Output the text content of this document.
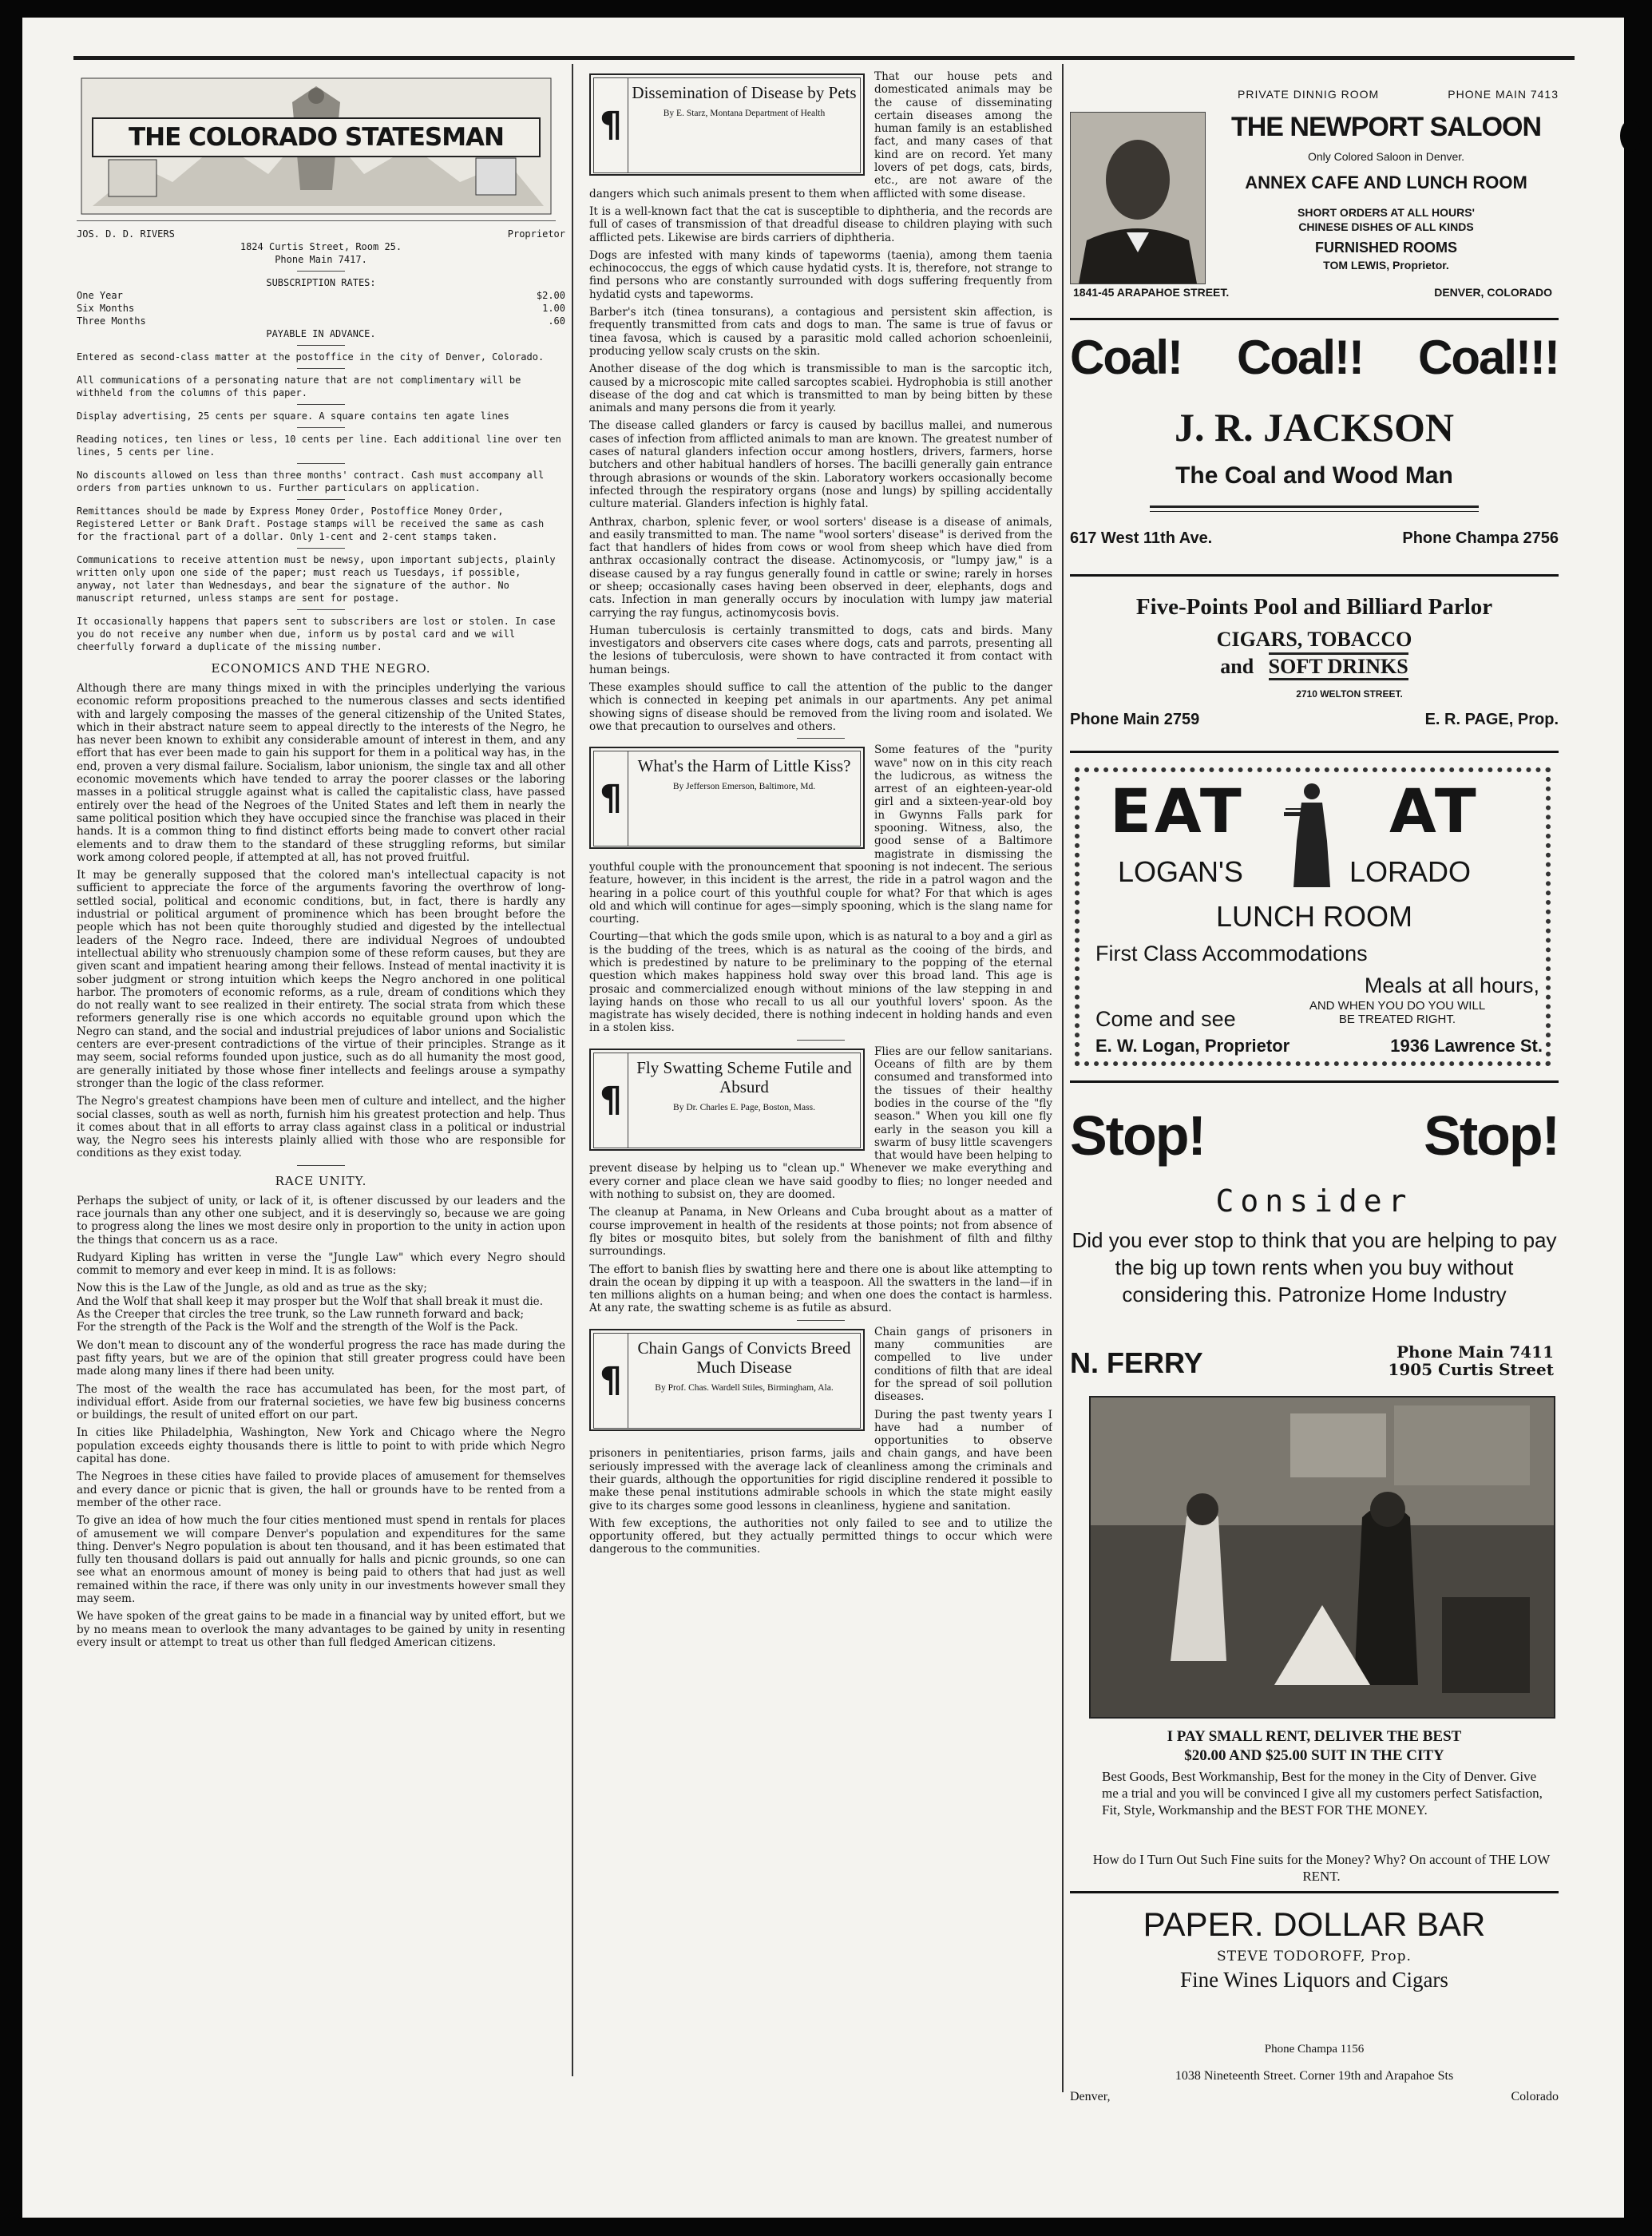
THE COLORADO STATESMAN
JOS. D. D. RIVERS	Proprietor
1824 Curtis Street, Room 25.
Phone Main 7417.
SUBSCRIPTION RATES:
One Year	$2.00
Six Months	1.00
Three Months	.60
PAYABLE IN ADVANCE.

Entered as second-class matter at the postoffice in the city of Denver, Colorado.

All communications of a personating nature that are not complimentary will be withheld from the columns of this paper.

Display advertising, 25 cents per square. A square contains ten agate lines

Reading notices, ten lines or less, 10 cents per line. Each additional line over ten lines, 5 cents per line.

No discounts allowed on less than three months' contract. Cash must accompany all orders from parties unknown to us. Further particulars on application.

Remittances should be made by Express Money Order, Postoffice Money Order, Registered Letter or Bank Draft. Postage stamps will be received the same as cash for the fractional part of a dollar. Only 1-cent and 2-cent stamps taken.

Communications to receive attention must be newsy, upon important subjects, plainly written only upon one side of the paper; must reach us Tuesdays, if possible, anyway, not later than Wednesdays, and bear the signature of the author. No manuscript returned, unless stamps are sent for postage.

It occasionally happens that papers sent to subscribers are lost or stolen. In case you do not receive any number when due, inform us by postal card and we will cheerfully forward a duplicate of the missing number.

ECONOMICS AND THE NEGRO.

Although there are many things mixed in with the principles underlying the various economic reform propositions preached to the numerous classes and sects identified with and largely composing the masses of the general citizenship of the United States, which in their abstract nature seem to appeal directly to the interests of the Negro, he has never been known to exhibit any considerable amount of interest in them, and any effort that has ever been made to gain his support for them in a political way has, in the end, proven a very dismal failure. Socialism, labor unionism, the single tax and all other economic movements which have tended to array the poorer classes or the laboring masses in a political struggle against what is called the capitalistic class, have passed entirely over the head of the Negroes of the United States and left them in nearly the same political position which they have occupied since the franchise was placed in their hands. It is a common thing to find distinct efforts being made to convert other racial elements and to draw them to the standard of these struggling reforms, but similar work among colored people, if attempted at all, has not proved fruitful.

It may be generally supposed that the colored man's intellectual capacity is not sufficient to appreciate the force of the arguments favoring the overthrow of long-settled social, political and economic conditions, but, in fact, there is hardly any industrial or political argument of prominence which has been brought before the people which has not been quite thoroughly studied and digested by the intellectual leaders of the Negro race. Indeed, there are individual Negroes of undoubted intellectual ability who strenuously champion some of these reform causes, but they are given scant and impatient hearing among their fellows. Instead of mental inactivity it is sober judgment or strong intuition which keeps the Negro anchored in one political harbor. The promoters of economic reforms, as a rule, dream of conditions which they do not really want to see realized in their entirety. The social strata from which these reformers generally rise is one which accords no equitable ground upon which the Negro can stand, and the social and industrial prejudices of labor unions and Socialistic centers are ever-present contradictions of the virtue of their principles. Strange as it may seem, social reforms founded upon justice, such as do all humanity the most good, are generally initiated by those whose finer intellects and feelings arouse a sympathy stronger than the logic of the class reformer.

The Negro's greatest champions have been men of culture and intellect, and the higher social classes, south as well as north, furnish him his greatest protection and help. Thus it comes about that in all efforts to array class against class in a political or industrial way, the Negro sees his interests plainly allied with those who are responsible for conditions as they exist today.

RACE UNITY.

Perhaps the subject of unity, or lack of it, is oftener discussed by our leaders and the race journals than any other one subject, and it is deservingly so, because we are going to progress along the lines we most desire only in proportion to the unity in action upon the things that concern us as a race.

Rudyard Kipling has written in verse the "Jungle Law" which every Negro should commit to memory and ever keep in mind. It is as follows:

Now this is the Law of the Jungle, as old and as true as the sky;
And the Wolf that shall keep it may prosper but the Wolf that shall break it must die.
As the Creeper that circles the tree trunk, so the Law runneth forward and back;
For the strength of the Pack is the Wolf and the strength of the Wolf is the Pack.

We don't mean to discount any of the wonderful progress the race has made during the past fifty years, but we are of the opinion that still greater progress could have been made along many lines if there had been unity.

The most of the wealth the race has accumulated has been, for the most part, of individual effort. Aside from our fraternal societies, we have few big business concerns or buildings, the result of united effort on our part.

In cities like Philadelphia, Washington, New York and Chicago where the Negro population exceeds eighty thousands there is little to point to with pride which Negro capital has done.

The Negroes in these cities have failed to provide places of amusement for themselves and every dance or picnic that is given, the hall or grounds have to be rented from a member of the other race.

To give an idea of how much the four cities mentioned must spend in rentals for places of amusement we will compare Denver's population and expenditures for the same thing. Denver's Negro population is about ten thousand, and it has been estimated that fully ten thousand dollars is paid out annually for halls and picnic grounds, so one can see what an enormous amount of money is being paid to others that had just as well remained within the race, if there was only unity in our investments however small they may seem.

We have spoken of the great gains to be made in a financial way by united effort, but we by no means mean to overlook the many advantages to be gained by unity in resenting every insult or attempt to treat us other than full fledged American citizens.

¶
Dissemination of Disease by Pets
By E. Starz, Montana Department of Health

That our house pets and domesticated animals may be the cause of disseminating certain diseases among the human family is an established fact, and many cases of that kind are on record. Yet many lovers of pet dogs, cats, birds, etc., are not aware of the dangers which such animals present to them when afflicted with some disease.

It is a well-known fact that the cat is susceptible to diphtheria, and the records are full of cases of transmission of that dreadful disease to children playing with such afflicted pets. Likewise are birds carriers of diphtheria.

Dogs are infested with many kinds of tapeworms (taenia), among them taenia echinococcus, the eggs of which cause hydatid cysts. It is, therefore, not strange to find persons who are constantly surrounded with dogs suffering frequently from hydatid cysts and tapeworms.

Barber's itch (tinea tonsurans), a contagious and persistent skin affection, is frequently transmitted from cats and dogs to man. The same is true of favus or tinea favosa, which is caused by a parasitic mold called achorion schoenleinii, producing yellow scaly crusts on the skin.

Another disease of the dog which is transmissible to man is the sarcoptic itch, caused by a microscopic mite called sarcoptes scabiei. Hydrophobia is still another disease of the dog and cat which is transmitted to man by being bitten by these animals and many persons die from it yearly.

The disease called glanders or farcy is caused by bacillus mallei, and numerous cases of infection from afflicted animals to man are known. The greatest number of cases of natural glanders infection occur among hostlers, drivers, farmers, horse butchers and other habitual handlers of horses. The bacilli generally gain entrance through abrasions or wounds of the skin. Laboratory workers occasionally become infected through the respiratory organs (nose and lungs) by spilling accidentally culture material. Glanders infection is highly fatal.

Anthrax, charbon, splenic fever, or wool sorters' disease is a disease of animals, and easily transmitted to man. The name "wool sorters' disease" is derived from the fact that handlers of hides from cows or wool from sheep which have died from anthrax occasionally contract the disease. Actinomycosis, or "lumpy jaw," is a disease caused by a ray fungus generally found in cattle or swine; rarely in horses or sheep; occasionally cases having been observed in deer, elephants, dogs and cats. Infection in man generally occurs by inoculation with lumpy jaw material carrying the ray fungus, actinomycosis bovis.

Human tuberculosis is certainly transmitted to dogs, cats and birds. Many investigators and observers cite cases where dogs, cats and parrots, presenting all the lesions of tuberculosis, were shown to have contracted it from contact with human beings.

These examples should suffice to call the attention of the public to the danger which is connected in keeping pet animals in our apartments. Any pet animal showing signs of disease should be removed from the living room and isolated. We owe that precaution to ourselves and others.

¶
What's the Harm of Little Kiss?
By Jefferson Emerson, Baltimore, Md.

Some features of the "purity wave" now on in this city reach the ludicrous, as witness the arrest of an eighteen-year-old girl and a sixteen-year-old boy in Gwynns Falls park for spooning. Witness, also, the good sense of a Baltimore magistrate in dismissing the youthful couple with the pronouncement that spooning is not indecent. The serious feature, however, in this incident is the arrest, the ride in a patrol wagon and the hearing in a police court of this youthful couple for what? For that which is ages old and which will continue for ages—simply spooning, which is the slang name for courting.

Courting—that which the gods smile upon, which is as natural to a boy and a girl as is the budding of the trees, which is as natural as the cooing of the birds, and which is predestined by nature to be preliminary to the popping of the eternal question which makes happiness hold sway over this broad land. This age is prosaic and commercialized enough without minions of the law stepping in and laying hands on those who recall to us all our youthful lovers' spoon. As the magistrate has wisely decided, there is nothing indecent in holding hands and even in a stolen kiss.

¶
Fly Swatting Scheme Futile and Absurd
By Dr. Charles E. Page, Boston, Mass.

Flies are our fellow sanitarians. Oceans of filth are by them consumed and transformed into the tissues of their healthy bodies in the course of the "fly season." When you kill one fly early in the season you kill a swarm of busy little scavengers that would have been helping to prevent disease by helping us to "clean up." Whenever we make everything and every corner and place clean we have said goodby to flies; no longer needed and with nothing to subsist on, they are doomed.

The cleanup at Panama, in New Orleans and Cuba brought about as a matter of course improvement in health of the residents at those points; not from absence of fly bites or mosquito bites, but solely from the banishment of filth and filthy surroundings.

The effort to banish flies by swatting here and there one is about like attempting to drain the ocean by dipping it up with a teaspoon. All the swatters in the land—if in ten millions alights on a human being; and when one does the contact is harmless. At any rate, the swatting scheme is as futile as absurd.

¶
Chain Gangs of Convicts Breed Much Disease
By Prof. Chas. Wardell Stiles, Birmingham, Ala.

Chain gangs of prisoners in many communities are compelled to live under conditions of filth that are ideal for the spread of soil pollution diseases.

During the past twenty years I have had a number of opportunities to observe prisoners in penitentiaries, prison farms, jails and chain gangs, and have been seriously impressed with the average lack of cleanliness among the criminals and their guards, although the opportunities for rigid discipline rendered it possible to make these penal institutions admirable schools in which the state might easily give to its charges some good lessons in cleanliness, hygiene and sanitation.

With few exceptions, the authorities not only failed to see and to utilize the opportunity offered, but they actually permitted things to occur which were dangerous to the communities.

PRIVATE DINNIG ROOM	PHONE MAIN 7413
THE NEWPORT SALOON
Only Colored Saloon in Denver.
ANNEX CAFE AND LUNCH ROOM
SHORT ORDERS AT ALL HOURS'
CHINESE DISHES OF ALL KINDS
FURNISHED ROOMS
TOM LEWIS, Proprietor.
1841-45 ARAPAHOE STREET.	DENVER, COLORADO
Coal! Coal!! Coal!!!
J. R. JACKSON
The Coal and Wood Man
617 West 11th Ave.	Phone Champa 2756
Five-Points Pool and Billiard Parlor
CIGARS, TOBACCO
and SOFT DRINKS
2710 WELTON STREET.
Phone Main 2759	E. R. PAGE, Prop.
EAT AT
LOGAN'S	LORADO
LUNCH ROOM
First Class Accommodations
Meals at all hours,
Come and see
AND WHEN YOU DO YOU WILL
BE TREATED RIGHT.
E. W. Logan, Proprietor	1936 Lawrence St.
Stop!	Stop!
Consider
Did you ever stop to think that you are helping to pay the big up town rents when you buy without considering this. Patronize Home Industry
N. FERRY	Phone Main 7411
1905 Curtis Street
I PAY SMALL RENT, DELIVER THE BEST
$20.00 AND $25.00 SUIT IN THE CITY
Best Goods, Best Workmanship, Best for the money in the City of Denver. Give me a trial and you will be convinced I give all my customers perfect Satisfaction, Fit, Style, Workmanship and the BEST FOR THE MONEY.
How do I Turn Out Such Fine suits for the Money? Why? On account of THE LOW RENT.
PAPER. DOLLAR BAR
STEVE TODOROFF, Prop.
Fine Wines Liquors and Cigars
Phone Champa 1156
1038 Nineteenth Street. Corner 19th and Arapahoe Sts
Denver,	Colorado
